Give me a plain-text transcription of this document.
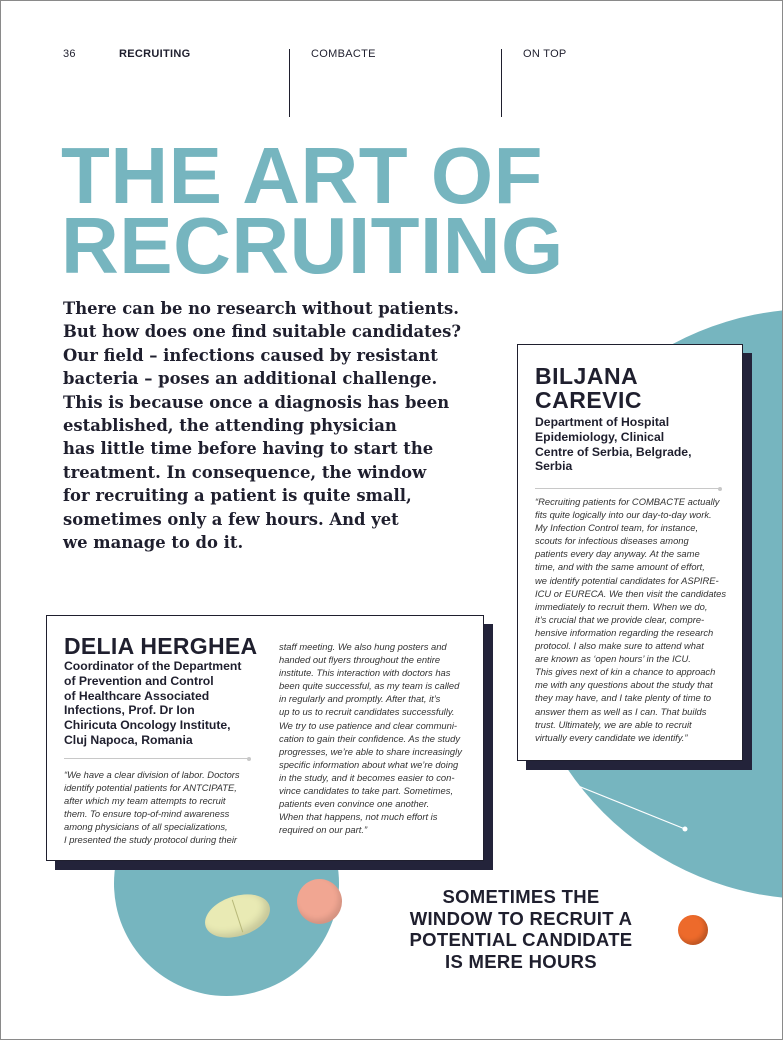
36	RECRUITING	COMBACTE	ON TOP
THE ART OF
RECRUITING
There can be no research without patients.
But how does one find suitable candidates?
Our field – infections caused by resistant
bacteria – poses an additional challenge.
This is because once a diagnosis has been
established, the attending physician
has little time before having to start the
treatment. In consequence, the window
for recruiting a patient is quite small,
sometimes only a few hours. And yet
we manage to do it.
BILJANA
CAREVIC
Department of Hospital
Epidemiology, Clinical
Centre of Serbia, Belgrade,
Serbia
“Recruiting patients for COMBACTE actually
fits quite logically into our day-to-day work.
My Infection Control team, for instance,
scouts for infectious diseases among
patients every day anyway. At the same
time, and with the same amount of effort,
we identify potential candidates for ASPIRE-
ICU or EURECA. We then visit the candidates
immediately to recruit them. When we do,
it’s crucial that we provide clear, compre-
hensive information regarding the research
protocol. I also make sure to attend what
are known as ‘open hours’ in the ICU.
This gives next of kin a chance to approach
me with any questions about the study that
they may have, and I take plenty of time to
answer them as well as I can. That builds
trust. Ultimately, we are able to recruit
virtually every candidate we identify.”
DELIA HERGHEA
Coordinator of the Department
of Prevention and Control
of Healthcare Associated
Infections, Prof. Dr Ion
Chiricuta Oncology Institute,
Cluj Napoca, Romania
“We have a clear division of labor. Doctors
identify potential patients for ANTCIPATE,
after which my team attempts to recruit
them. To ensure top-of-mind awareness
among physicians of all specializations,
I presented the study protocol during their
staff meeting. We also hung posters and
handed out flyers throughout the entire
institute. This interaction with doctors has
been quite successful, as my team is called
in regularly and promptly. After that, it’s
up to us to recruit candidates successfully.
We try to use patience and clear communi-
cation to gain their confidence. As the study
progresses, we’re able to share increasingly
specific information about what we’re doing
in the study, and it becomes easier to con-
vince candidates to take part. Sometimes,
patients even convince one another.
When that happens, not much effort is
required on our part.”
SOMETIMES THE
WINDOW TO RECRUIT A
POTENTIAL CANDIDATE
IS MERE HOURS
